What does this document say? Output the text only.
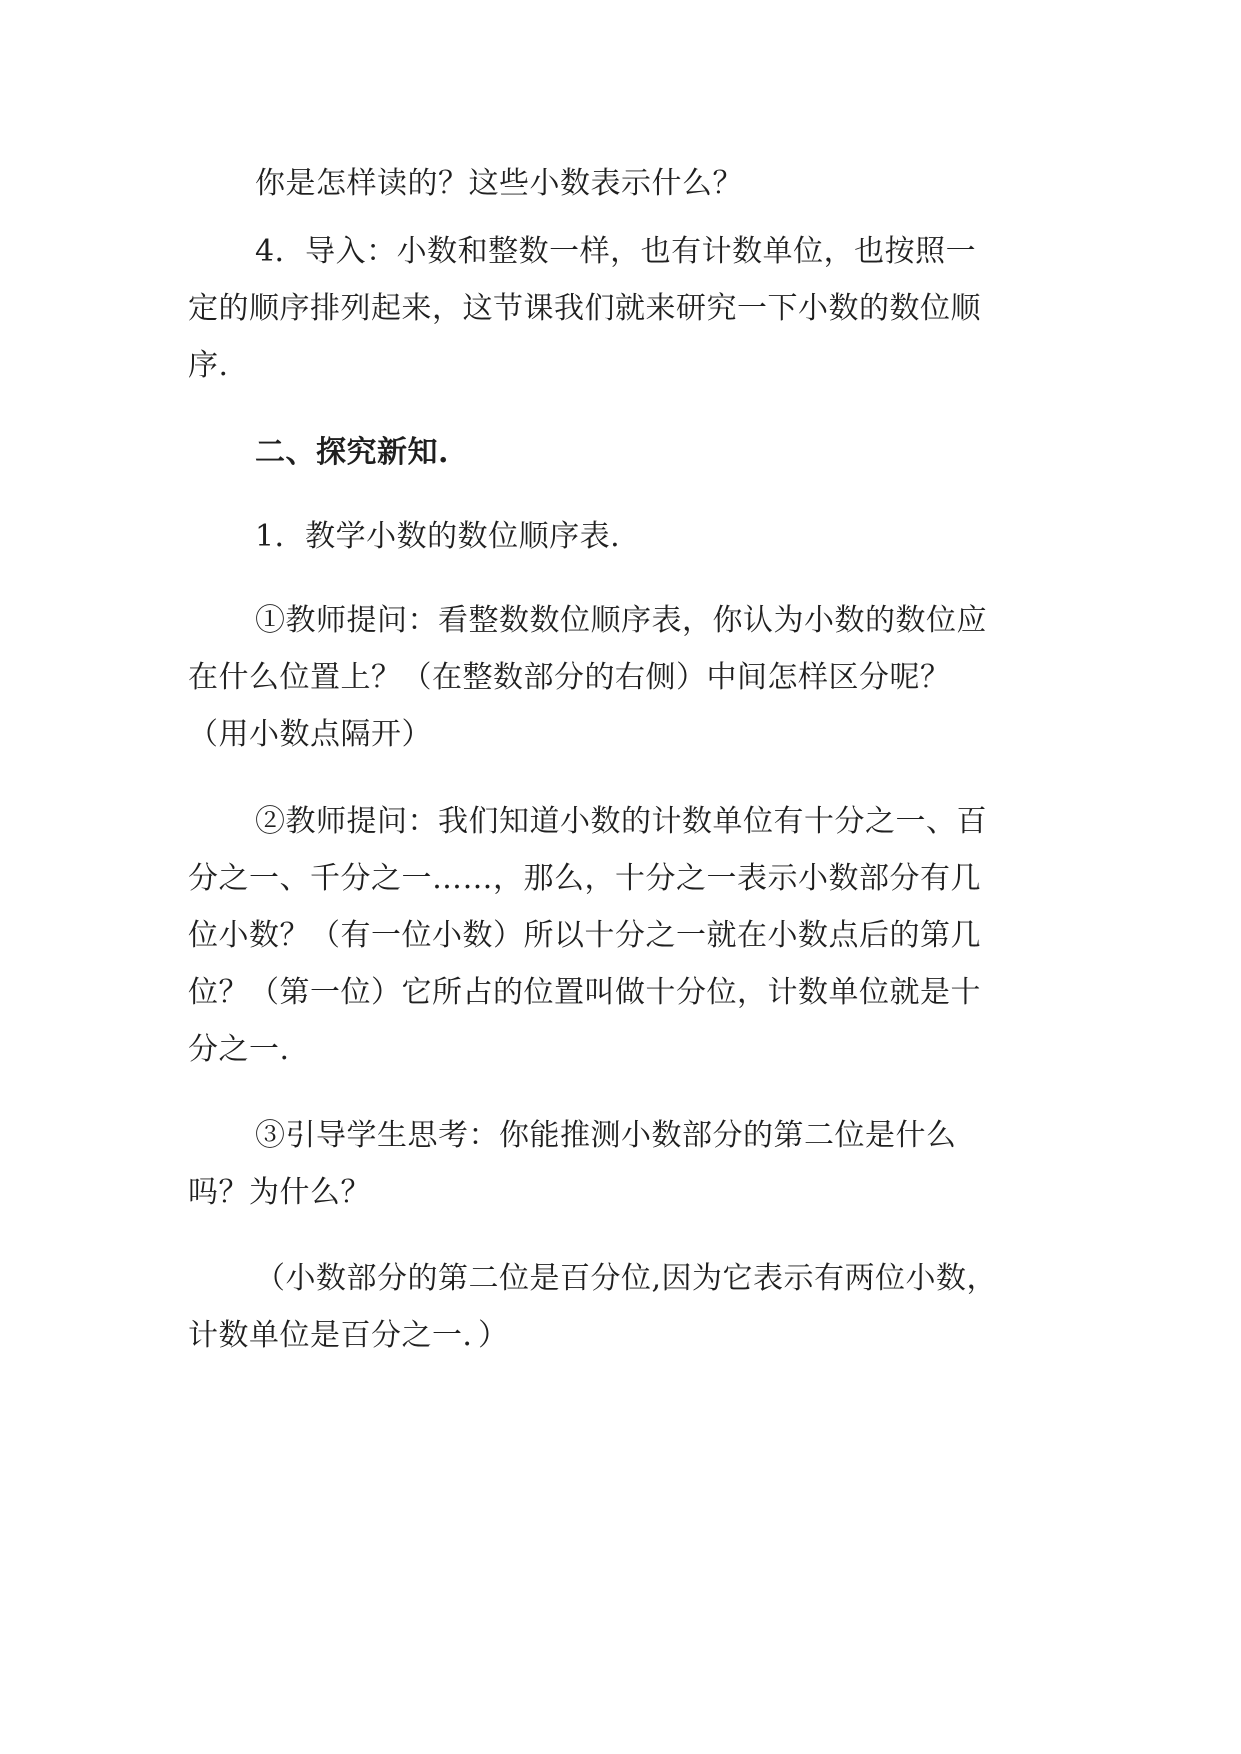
你是怎样读的？这些小数表示什么？
4．导入：小数和整数一样，也有计数单位，也按照一
定的顺序排列起来，这节课我们就来研究一下小数的数位顺
序.
二、探究新知.
1．教学小数的数位顺序表.
①教师提问：看整数数位顺序表，你认为小数的数位应
在什么位置上？（在整数部分的右侧）中间怎样区分呢？
（用小数点隔开）
②教师提问：我们知道小数的计数单位有十分之一、百
分之一、千分之一……，那么，十分之一表示小数部分有几
位小数？（有一位小数）所以十分之一就在小数点后的第几
位？（第一位）它所占的位置叫做十分位，计数单位就是十
分之一.
③引导学生思考：你能推测小数部分的第二位是什么
吗？为什么？
（小数部分的第二位是百分位,因为它表示有两位小数，
计数单位是百分之一．）
